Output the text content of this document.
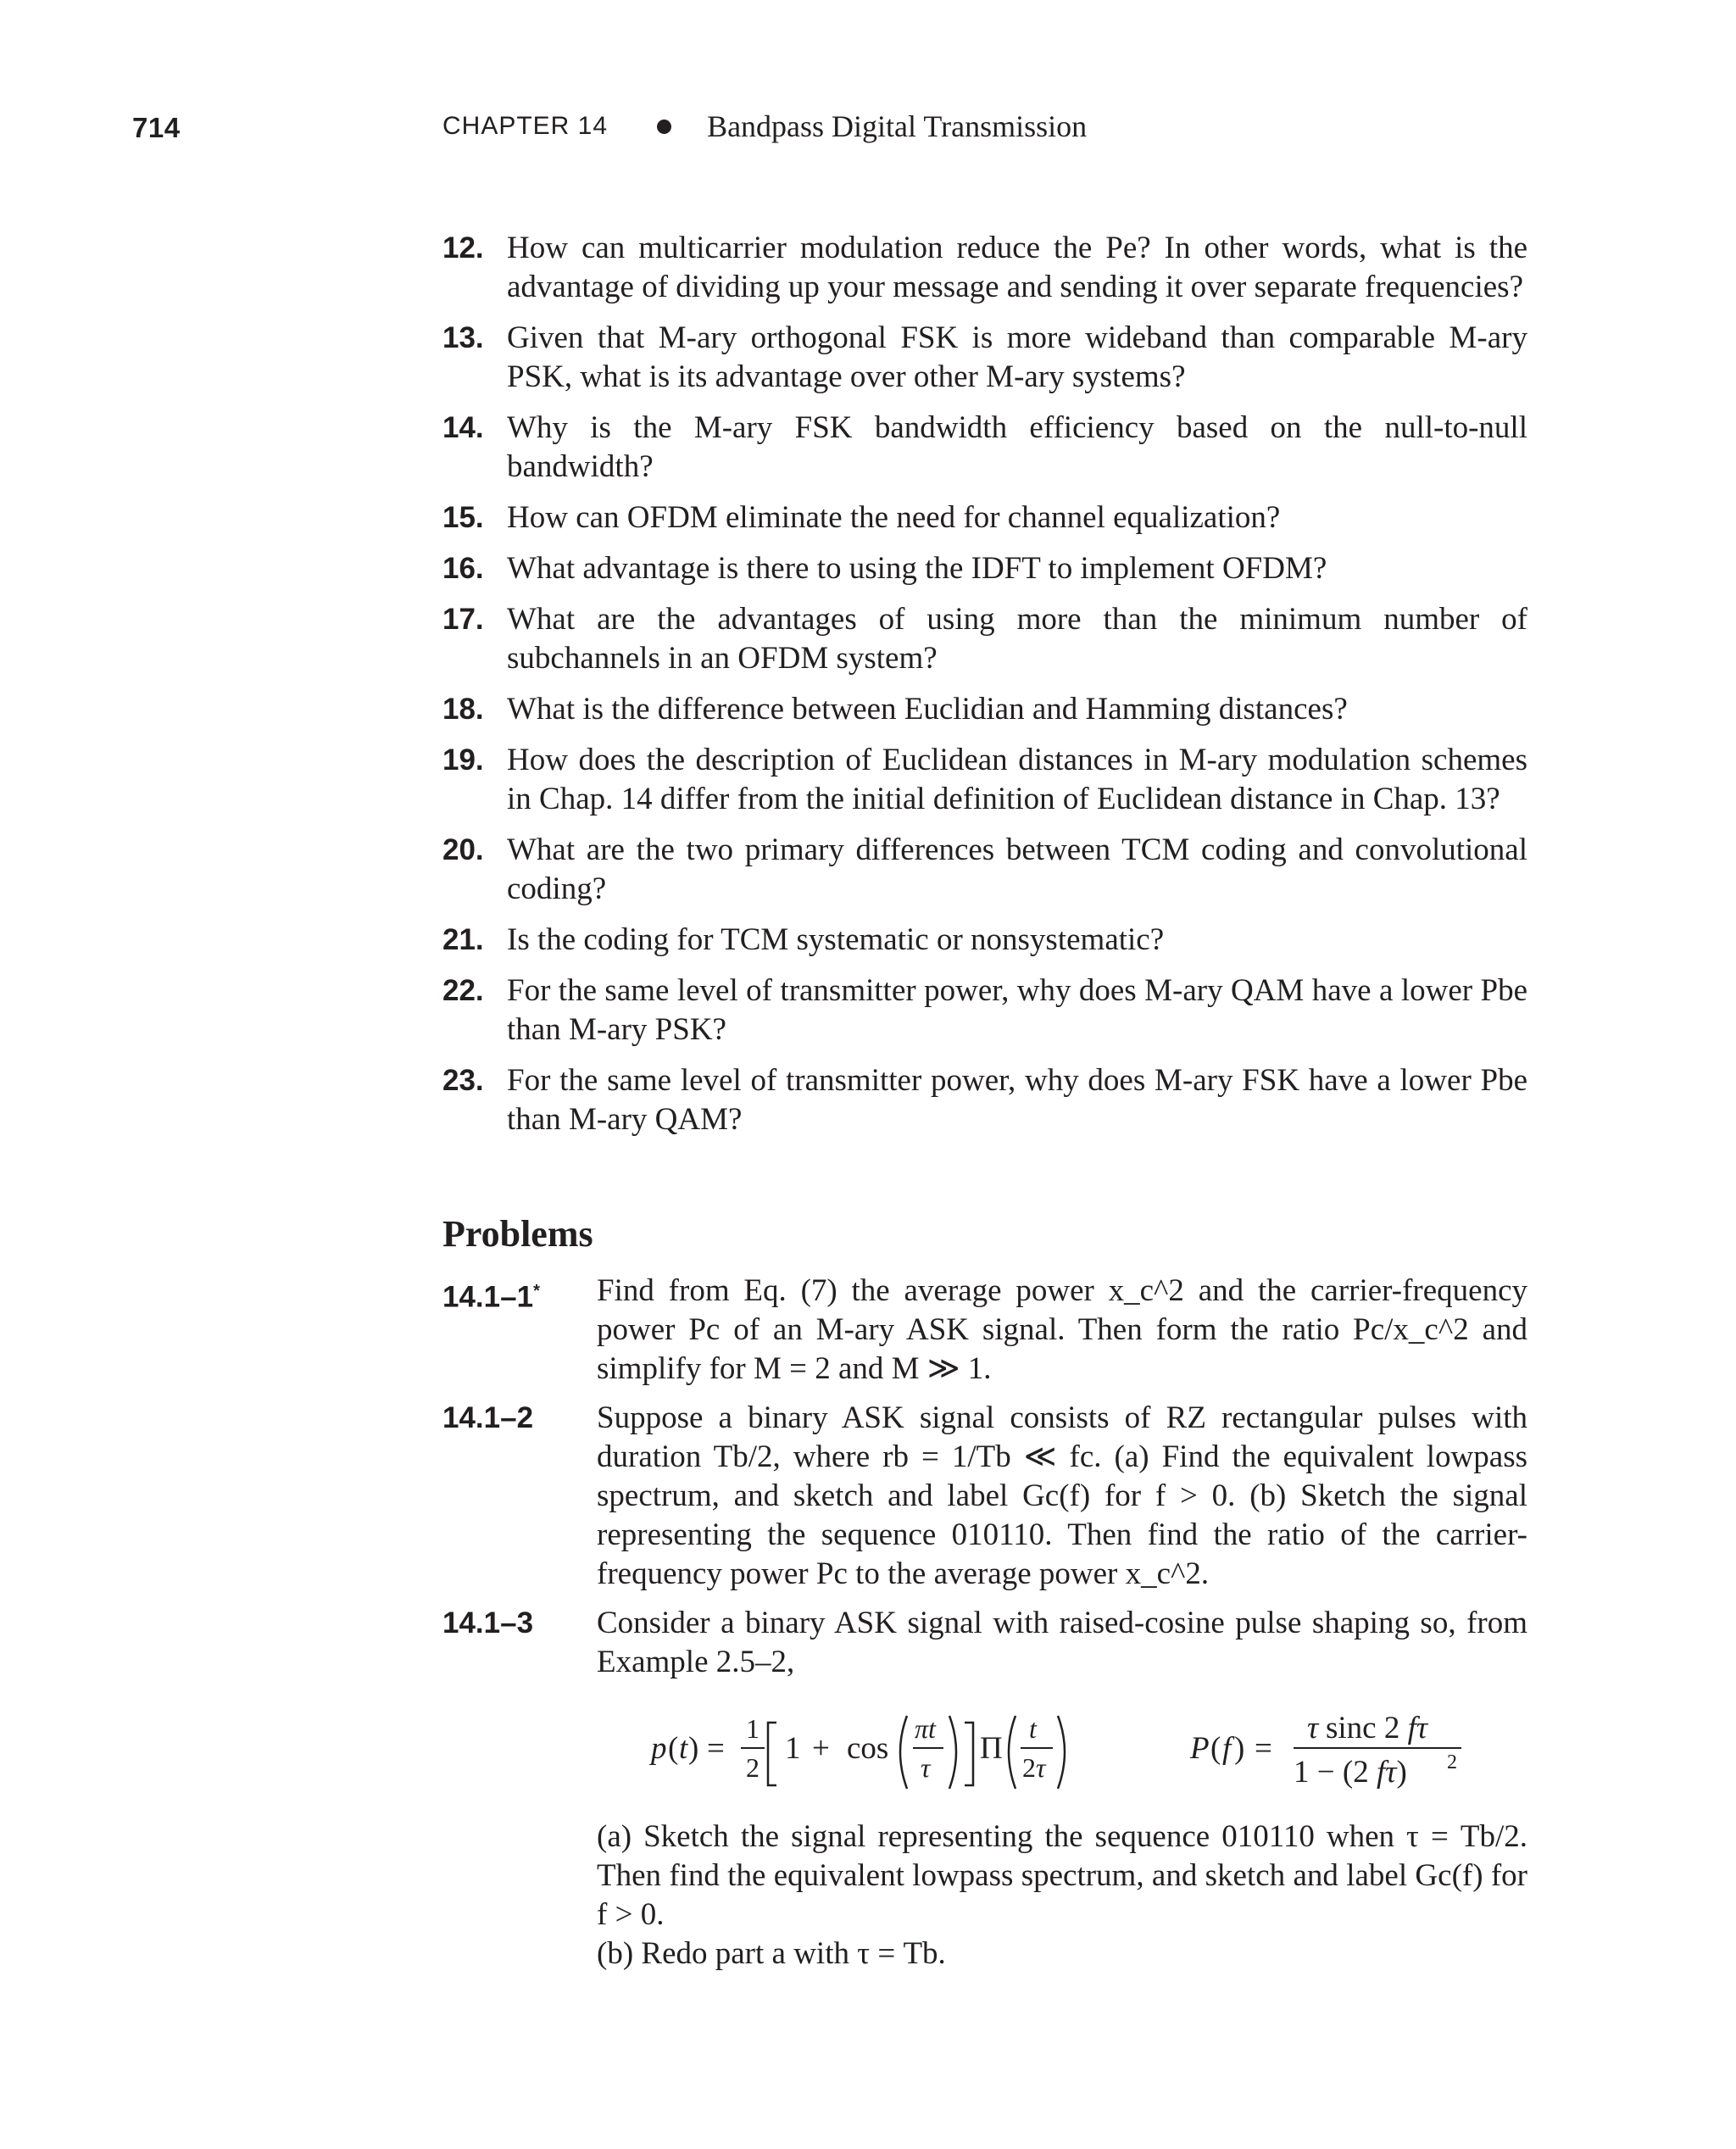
714	CHAPTER 14	Bandpass Digital Transmission
12. How can multicarrier modulation reduce the Pe? In other words, what is the advantage of dividing up your message and sending it over separate frequencies?
13. Given that M-ary orthogonal FSK is more wideband than comparable M-ary PSK, what is its advantage over other M-ary systems?
14. Why is the M-ary FSK bandwidth efficiency based on the null-to-null bandwidth?
15. How can OFDM eliminate the need for channel equalization?
16. What advantage is there to using the IDFT to implement OFDM?
17. What are the advantages of using more than the minimum number of subchannels in an OFDM system?
18. What is the difference between Euclidian and Hamming distances?
19. How does the description of Euclidean distances in M-ary modulation schemes in Chap. 14 differ from the initial definition of Euclidean distance in Chap. 13?
20. What are the two primary differences between TCM coding and convolutional coding?
21. Is the coding for TCM systematic or nonsystematic?
22. For the same level of transmitter power, why does M-ary QAM have a lower Pbe than M-ary PSK?
23. For the same level of transmitter power, why does M-ary FSK have a lower Pbe than M-ary QAM?
Problems
14.1–1*	Find from Eq. (7) the average power x_c^2 and the carrier-frequency power Pc of an M-ary ASK signal. Then form the ratio Pc/x_c^2 and simplify for M = 2 and M ≫ 1.

14.1–2	Suppose a binary ASK signal consists of RZ rectangular pulses with duration Tb/2, where rb = 1/Tb ≪ fc. (a) Find the equivalent lowpass spectrum, and sketch and label Gc(f) for f > 0. (b) Sketch the signal representing the sequence 010110. Then find the ratio of the carrier-frequency power Pc to the average power x_c^2.

14.1–3	Consider a binary ASK signal with raised-cosine pulse shaping so, from Example 2.5–2,

p ( t ) =
1
2
1 + cos
πt
τ
Π
t
2τ
P ( f ) =
τ sinc 2 fτ
1 − (2 fτ) 2

(a) Sketch the signal representing the sequence 010110 when τ = Tb/2. Then find the equivalent lowpass spectrum, and sketch and label Gc(f) for f > 0.

(b) Redo part a with τ = Tb.
